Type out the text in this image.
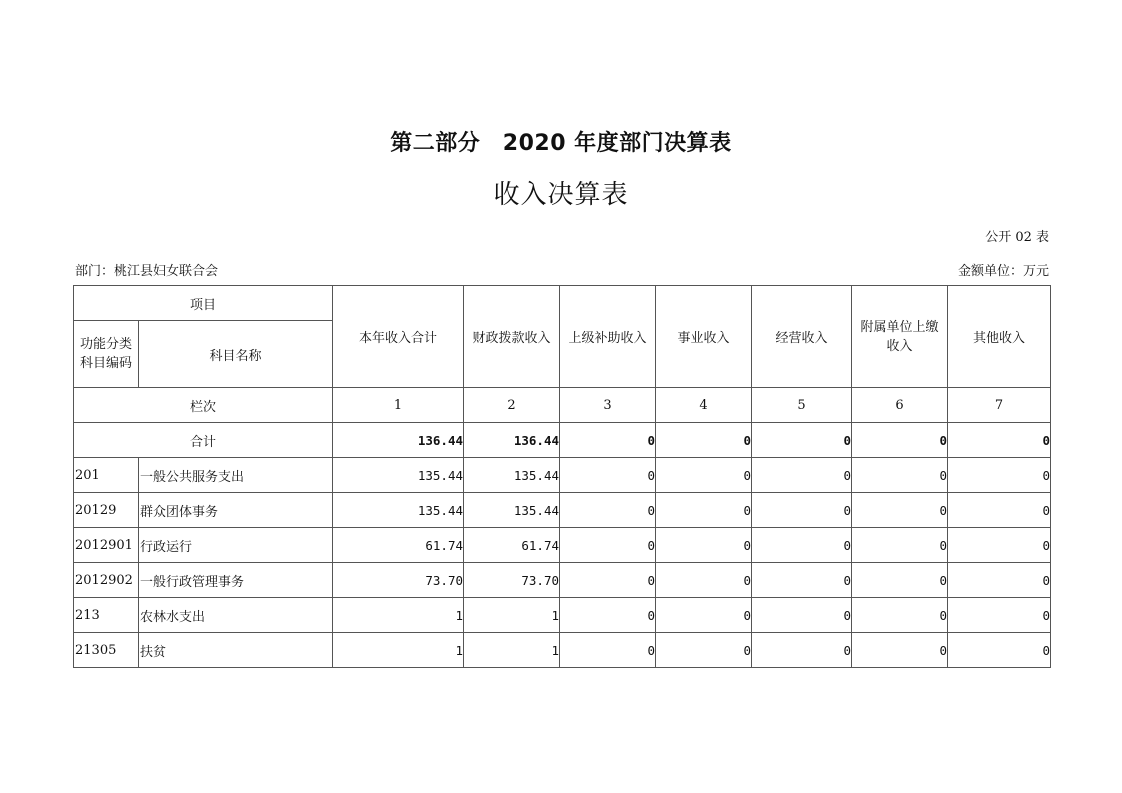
第二部分　2020 年度部门决算表
收入决算表
公开 02 表
部门：桃江县妇女联合会	金额单位：万元
项目		本年收入合计	财政拨款收入	上级补助收入	事业收入	经营收入	附属单位上缴收入	其他收入
功能分类科目编码	科目名称							
栏次		1	2	3	4	5	6	7
合计		136.44	136.44	0	0	0	0	0
201	一般公共服务支出	135.44	135.44	0	0	0	0	0
20129	群众团体事务	135.44	135.44	0	0	0	0	0
2012901	行政运行	61.74	61.74	0	0	0	0	0
2012902	一般行政管理事务	73.70	73.70	0	0	0	0	0
213	农林水支出	1	1	0	0	0	0	0
21305	扶贫	1	1	0	0	0	0	0
